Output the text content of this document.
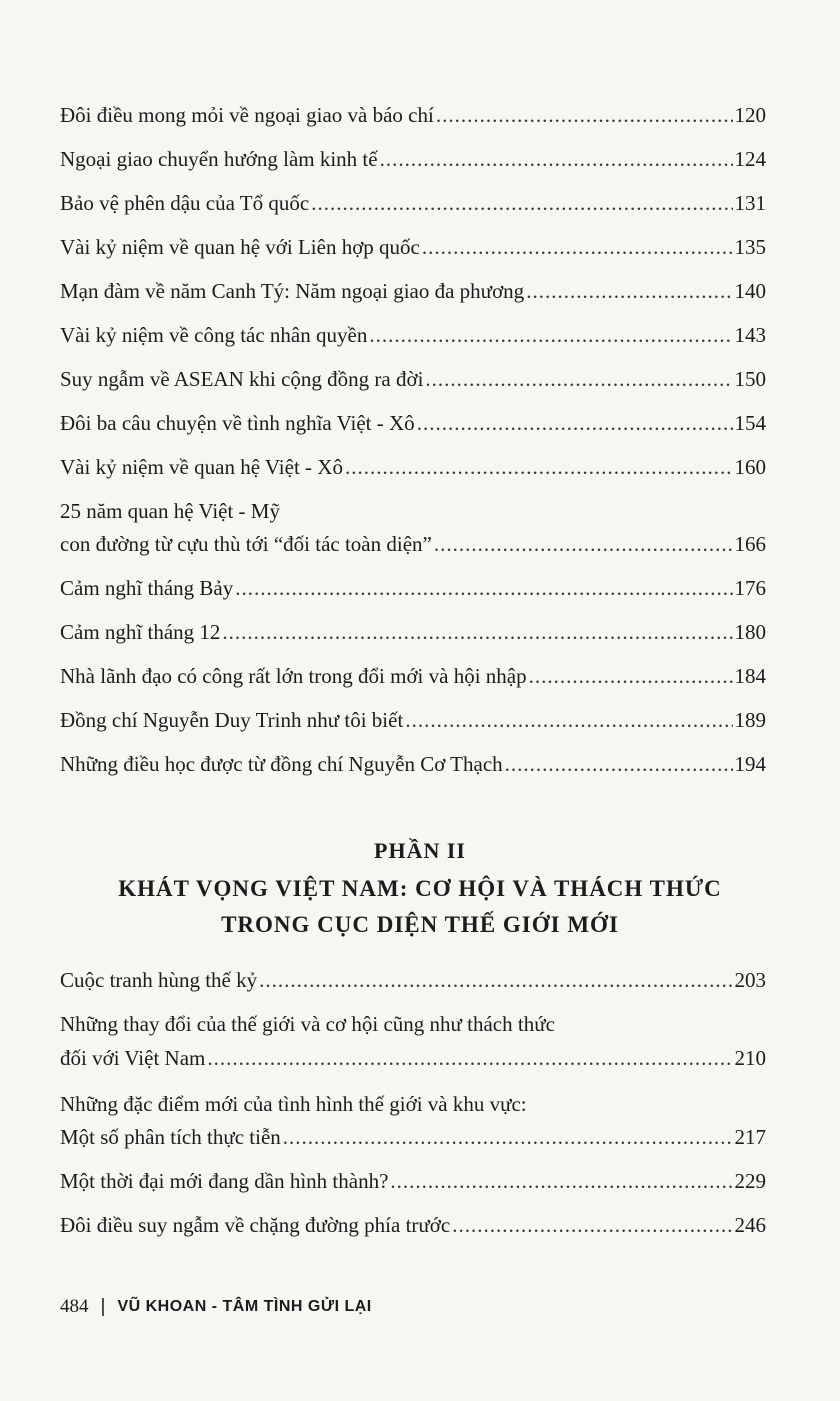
Đôi điều mong mỏi về ngoại giao và báo chí .....	120
Ngoại giao chuyển hướng làm kinh tế .....	124
Bảo vệ phên dậu của Tổ quốc .....	131
Vài kỷ niệm về quan hệ với Liên hợp quốc .....	135
Mạn đàm về năm Canh Tý: Năm ngoại giao đa phương .....	140
Vài kỷ niệm về công tác nhân quyền .....	143
Suy ngẫm về ASEAN khi cộng đồng ra đời .....	150
Đôi ba câu chuyện về tình nghĩa Việt - Xô .....	154
Vài kỷ niệm về quan hệ Việt - Xô .....	160
25 năm quan hệ Việt - Mỹ
con đường từ cựu thù tới “đối tác toàn diện” .....	166
Cảm nghĩ tháng Bảy .....	176
Cảm nghĩ tháng 12 .....	180
Nhà lãnh đạo có công rất lớn trong đổi mới và hội nhập .....	184
Đồng chí Nguyễn Duy Trinh như tôi biết .....	189
Những điều học được từ đồng chí Nguyễn Cơ Thạch .....	194
PHẦN II
KHÁT VỌNG VIỆT NAM: CƠ HỘI VÀ THÁCH THỨC
TRONG CỤC DIỆN THẾ GIỚI MỚI
Cuộc tranh hùng thế kỷ .....	203
Những thay đổi của thế giới và cơ hội cũng như thách thức
đối với Việt Nam .....	210
Những đặc điểm mới của tình hình thế giới và khu vực:
Một số phân tích thực tiễn .....	217
Một thời đại mới đang dần hình thành? .....	229
Đôi điều suy ngẫm về chặng đường phía trước .....	246
484 | VŨ KHOAN - TÂM TÌNH GỬI LẠI
